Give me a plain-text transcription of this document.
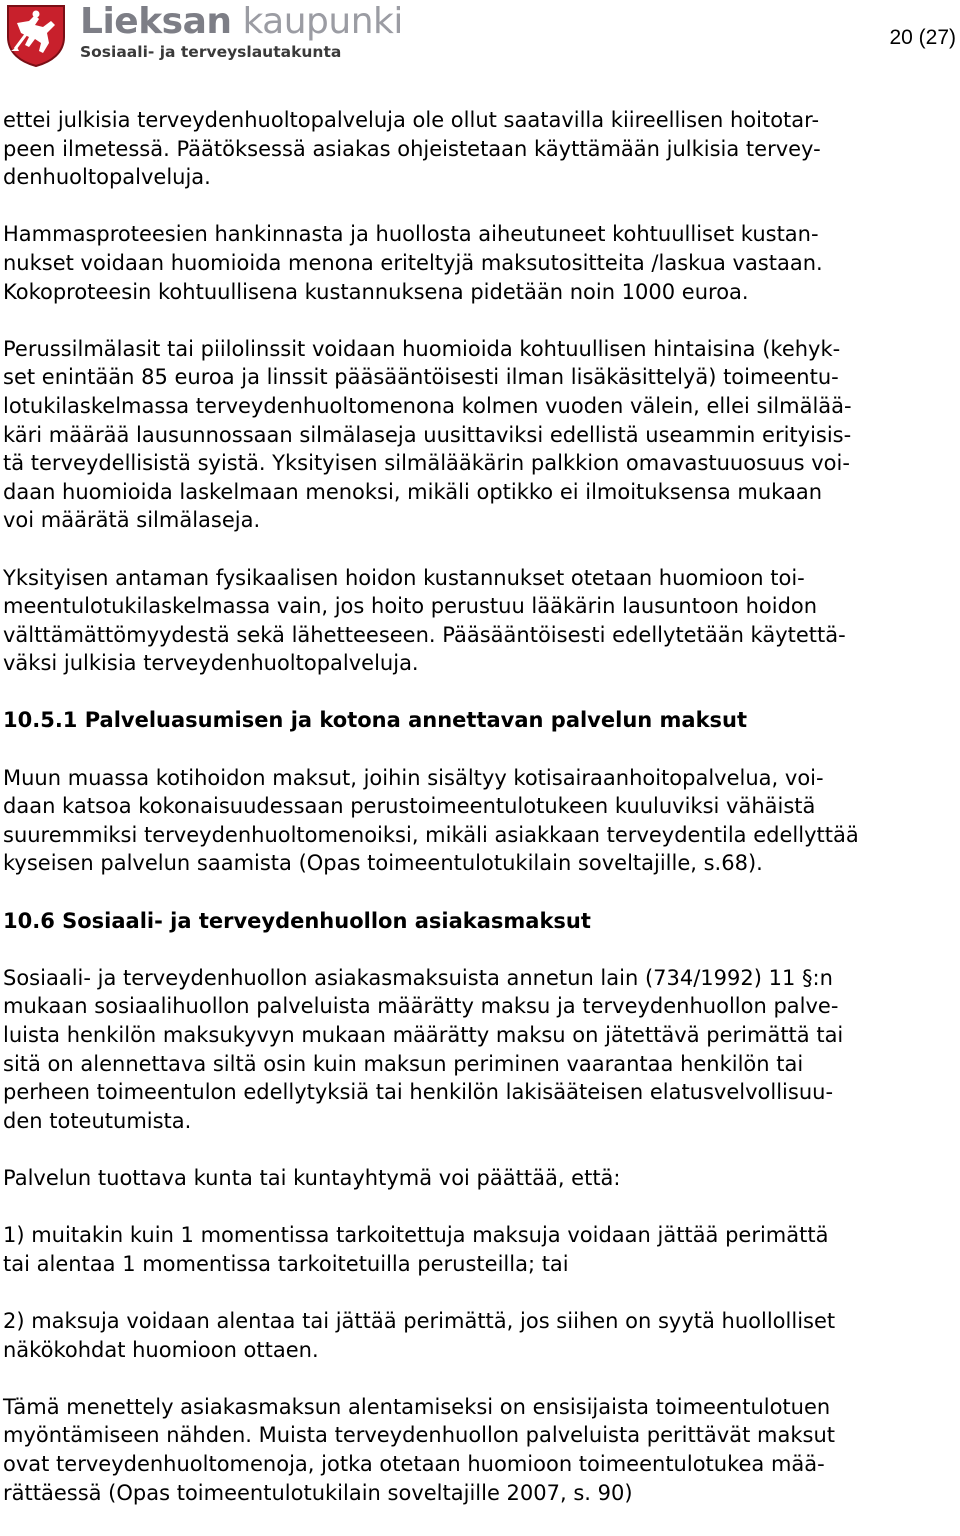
Lieksan kaupunki
Sosiaali- ja terveyslautakunta
20 (27)
ettei julkisia terveydenhuoltopalveluja ole ollut saatavilla kiireellisen hoitotar-
peen ilmetessä. Päätöksessä asiakas ohjeistetaan käyttämään julkisia tervey-
denhuoltopalveluja.
Hammasproteesien hankinnasta ja huollosta aiheutuneet kohtuulliset kustan-
nukset voidaan huomioida menona eriteltyjä maksutositteita /laskua vastaan.
Kokoproteesin kohtuullisena kustannuksena pidetään noin 1000 euroa.
Perussilmälasit tai piilolinssit voidaan huomioida kohtuullisen hintaisina (kehyk-
set enintään 85 euroa ja linssit pääsääntöisesti ilman lisäkäsittelyä) toimeentu-
lotukilaskelmassa terveydenhuoltomenona kolmen vuoden välein, ellei silmälää-
käri määrää lausunnossaan silmälaseja uusittaviksi edellistä useammin erityisis-
tä terveydellisistä syistä. Yksityisen silmälääkärin palkkion omavastuuosuus voi-
daan huomioida laskelmaan menoksi, mikäli optikko ei ilmoituksensa mukaan
voi määrätä silmälaseja.
Yksityisen antaman fysikaalisen hoidon kustannukset otetaan huomioon toi-
meentulotukilaskelmassa vain, jos hoito perustuu lääkärin lausuntoon hoidon
välttämättömyydestä sekä lähetteeseen. Pääsääntöisesti edellytetään käytettä-
väksi julkisia terveydenhuoltopalveluja.
10.5.1 Palveluasumisen ja kotona annettavan palvelun maksut
Muun muassa kotihoidon maksut, joihin sisältyy kotisairaanhoitopalvelua, voi-
daan katsoa kokonaisuudessaan perustoimeentulotukeen kuuluviksi vähäistä
suuremmiksi terveydenhuoltomenoiksi, mikäli asiakkaan terveydentila edellyttää
kyseisen palvelun saamista (Opas toimeentulotukilain soveltajille, s.68).
10.6 Sosiaali- ja terveydenhuollon asiakasmaksut
Sosiaali- ja terveydenhuollon asiakasmaksuista annetun lain (734/1992) 11 §:n
mukaan sosiaalihuollon palveluista määrätty maksu ja terveydenhuollon palve-
luista henkilön maksukyvyn mukaan määrätty maksu on jätettävä perimättä tai
sitä on alennettava siltä osin kuin maksun periminen vaarantaa henkilön tai
perheen toimeentulon edellytyksiä tai henkilön lakisääteisen elatusvelvollisuu-
den toteutumista.
Palvelun tuottava kunta tai kuntayhtymä voi päättää, että:
1) muitakin kuin 1 momentissa tarkoitettuja maksuja voidaan jättää perimättä
tai alentaa 1 momentissa tarkoitetuilla perusteilla; tai
2) maksuja voidaan alentaa tai jättää perimättä, jos siihen on syytä huollolliset
näkökohdat huomioon ottaen.
Tämä menettely asiakasmaksun alentamiseksi on ensisijaista toimeentulotuen
myöntämiseen nähden. Muista terveydenhuollon palveluista perittävät maksut
ovat terveydenhuoltomenoja, jotka otetaan huomioon toimeentulotukea mää-
rättäessä (Opas toimeentulotukilain soveltajille 2007, s. 90)
